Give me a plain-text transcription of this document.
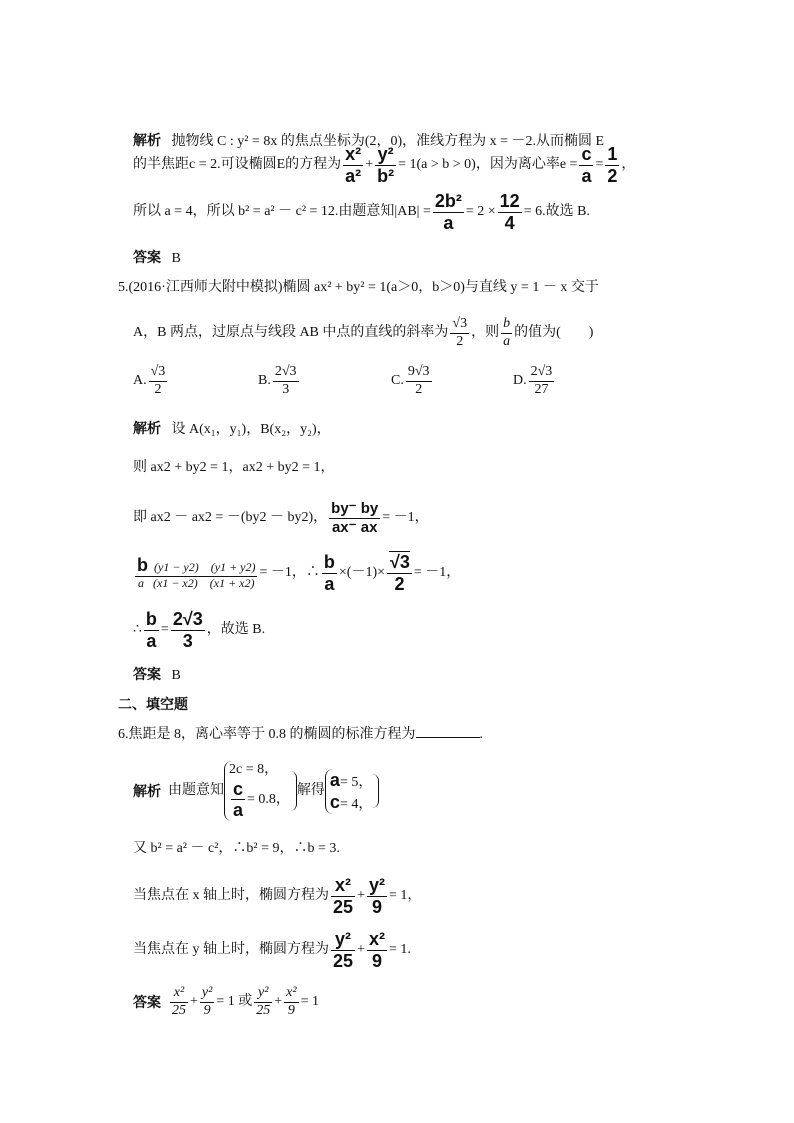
解析 抛物线 C : y² = 8x 的焦点坐标为(2，0)，准线方程为 x = －2.从而椭圆 E
的半焦距c = 2.可设椭圆E的方程为 $\frac{\text{x²}}{\text{a²}} + \frac{\text{y²}}{\text{b²}} = 1(a > b > 0)$，因为离心率$e = \frac{c}{a} = \frac{1}{2}$ ，
所以 a = 4，所以 b² = a² － c² = 12.由题意知$|AB| = \frac{\text{2b²}}{a} = 2 \times \frac{12}{4} = 6$.故选 B.
答案 B
5.(2016·江西师大附中模拟)椭圆 ax² + by² = 1(a＞0，b＞0)与直线 y = 1 － x 交于
A，B 两点，过原点与线段 AB 中点的直线的斜率为 $\frac{√3}{2}$ ，则 $\frac{b}{a}$ 的值为(　　)
A. $\frac{√3}{2}$	B. $\frac{2√3}{3}$	C. $\frac{9√3}{2}$	D. $\frac{2√3}{27}$
解析 设 A(x₁，y₁)，B(x₂，y₂)，
则 ax2 + by2 = 1，ax2 + by2 = 1，
即 ax2 － ax2 = －(by2 － by2)， $\frac{by^- by}{ax^- ax} = -1$，
$\frac{b (y1 - y2) (y1 + y2)}{a (x1 - x2) (x1 + x2)} = -1$，∴ $\frac{b}{a} \times(-1)\times \frac{√3}{2} = -1$，
∴ $\frac{b}{a} = \frac{2√3}{3}$ ，故选 B.
答案 B
二、填空题
6.焦距是 8，离心率等于 0.8 的椭圆的标准方程为	.
解析
由题意知
2c = 8，
$\frac{c}{a} = 0.8$，
解得
a= 5，
c= 4，
又 b² = a² － c²，∴b² = 9，∴b = 3.
当焦点在 x 轴上时，椭圆方程为 $\frac{\text{x²}}{25} + \frac{\text{y²}}{9} = 1$，
当焦点在 y 轴上时，椭圆方程为 $\frac{\text{y²}}{25} + \frac{\text{x²}}{9} = 1$.
答案
$\frac{\text{x²}}{25} + \frac{\text{y²}}{9} = 1$ 或 $\frac{\text{y²}}{25} + \frac{\text{x²}}{9} = 1$
